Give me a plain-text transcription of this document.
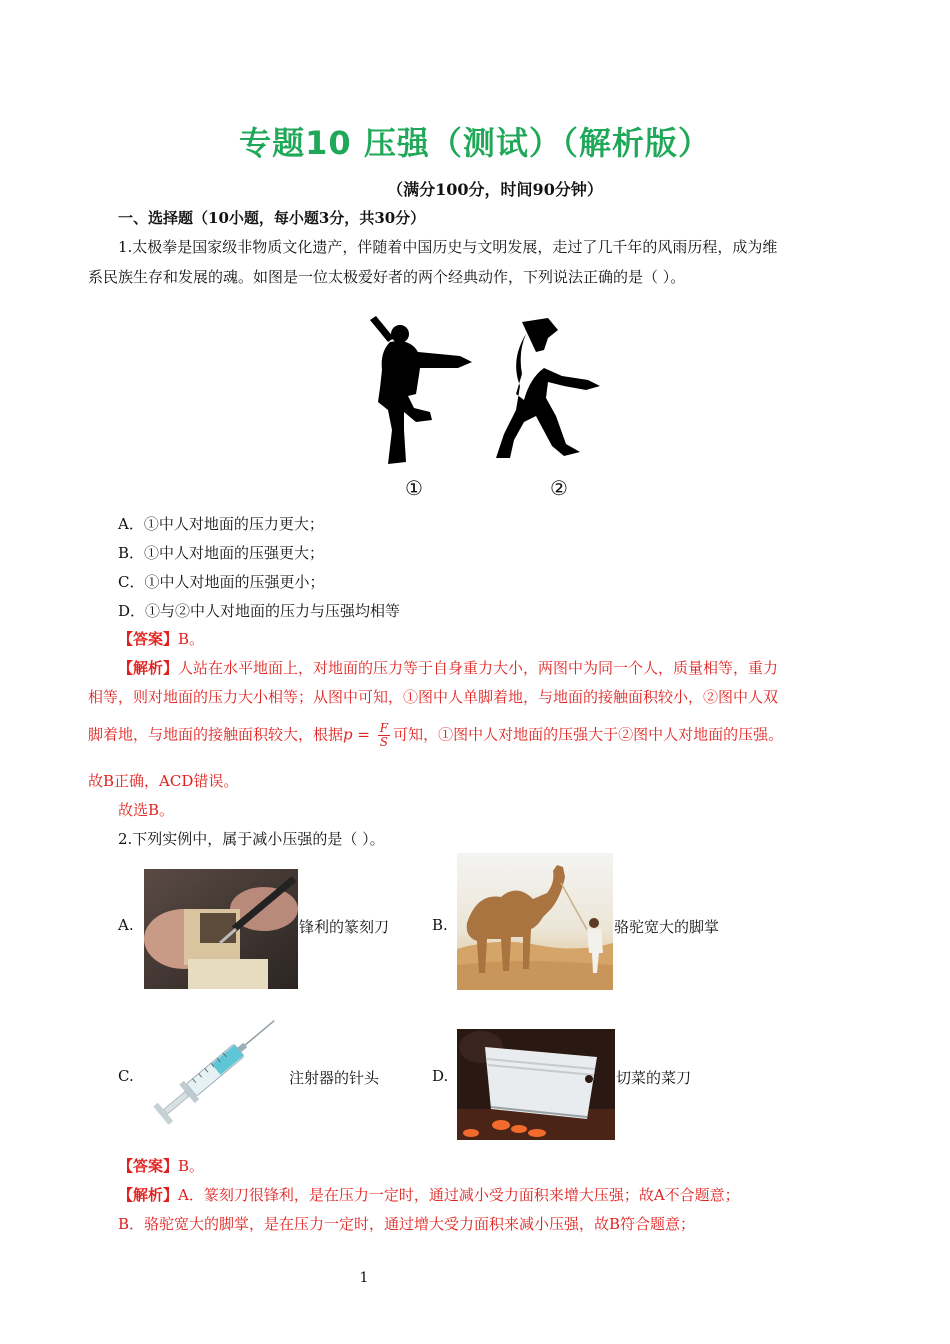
专题10 压强（测试）（解析版）
（满分100分，时间90分钟）
一、选择题（10小题，每小题3分，共30分）
1.太极拳是国家级非物质文化遗产，伴随着中国历史与文明发展，走过了几千年的风雨历程，成为维
系民族生存和发展的魂。如图是一位太极爱好者的两个经典动作，下列说法正确的是（ ）。
①	②
A．①中人对地面的压力更大；
B．①中人对地面的压强更大；
C．①中人对地面的压强更小；
D．①与②中人对地面的压力与压强均相等
【答案】B。
【解析】人站在水平地面上，对地面的压力等于自身重力大小，两图中为同一个人，质量相等，重力
相等，则对地面的压力大小相等；从图中可知，①图中人单脚着地，与地面的接触面积较小，②图中人双
脚着地，与地面的接触面积较大，根据$p = \frac{F}{S}$ 可知，①图中人对地面的压强大于②图中人对地面的压强。
故B正确，ACD错误。
故选B。
2.下列实例中，属于减小压强的是（ ）。
A.	锋利的篆刻刀	B.	骆驼宽大的脚掌
C.	注射器的针头	D.	切菜的菜刀
【答案】B。
【解析】A．篆刻刀很锋利，是在压力一定时，通过减小受力面积来增大压强；故A不合题意；
B．骆驼宽大的脚掌，是在压力一定时，通过增大受力面积来减小压强，故B符合题意；
1
